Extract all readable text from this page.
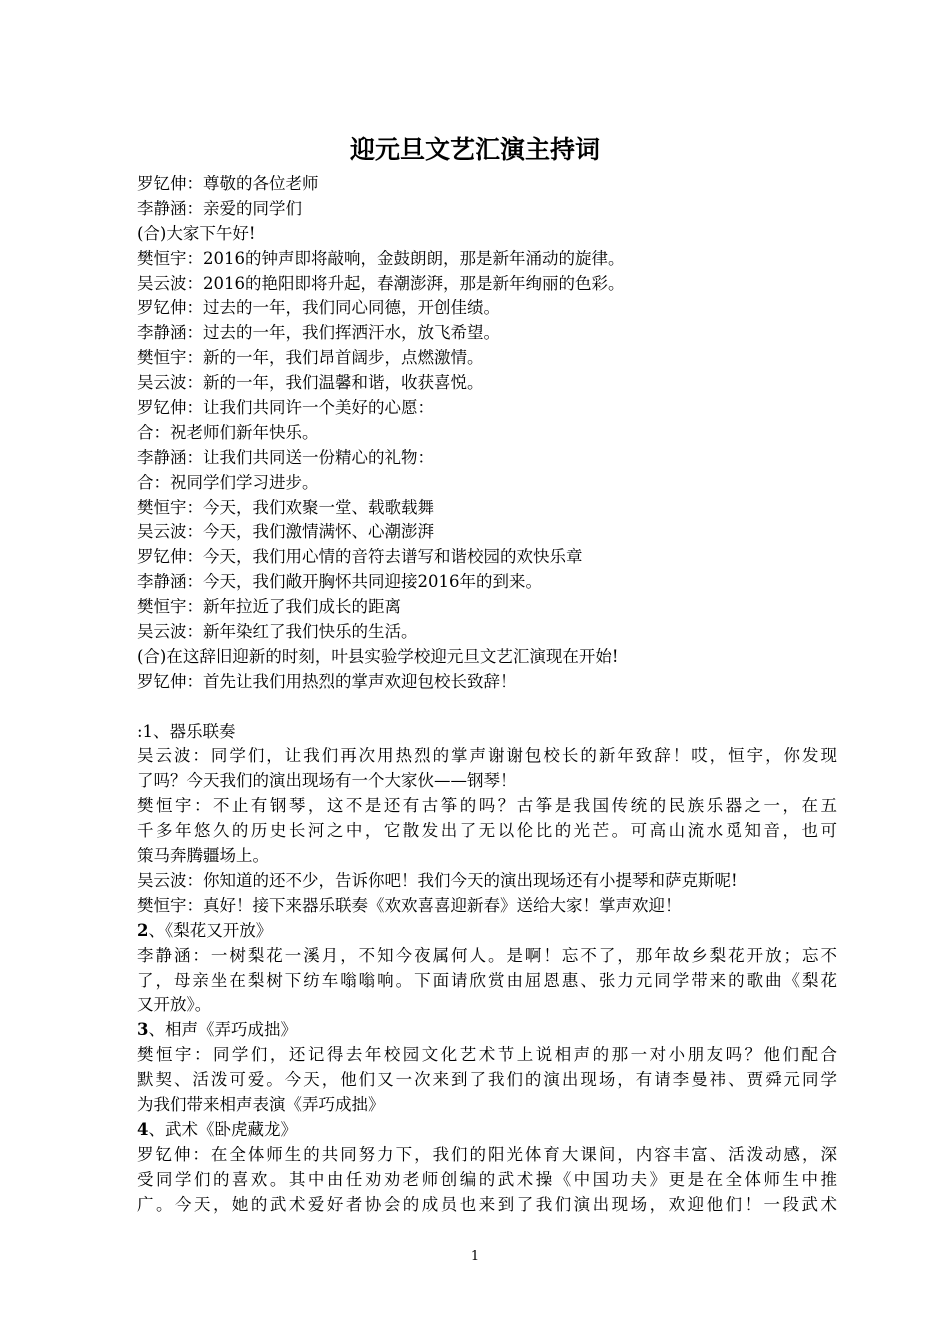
迎元旦文艺汇演主持词
罗钇伸：尊敬的各位老师
李静涵：亲爱的同学们
(合)大家下午好!
樊恒宇：2016的钟声即将敲响，金鼓朗朗，那是新年涌动的旋律。
吴云波：2016的艳阳即将升起，春潮澎湃，那是新年绚丽的色彩。
罗钇伸：过去的一年，我们同心同德，开创佳绩。
李静涵：过去的一年，我们挥洒汗水，放飞希望。
樊恒宇：新的一年，我们昂首阔步，点燃激情。
吴云波：新的一年，我们温馨和谐，收获喜悦。
罗钇伸：让我们共同许一个美好的心愿：
合：祝老师们新年快乐。
李静涵：让我们共同送一份精心的礼物：
合：祝同学们学习进步。
樊恒宇：今天，我们欢聚一堂、载歌载舞
吴云波：今天，我们激情满怀、心潮澎湃
罗钇伸：今天，我们用心情的音符去谱写和谐校园的欢快乐章
李静涵：今天，我们敞开胸怀共同迎接2016年的到来。
樊恒宇：新年拉近了我们成长的距离
吴云波：新年染红了我们快乐的生活。
(合)在这辞旧迎新的时刻，叶县实验学校迎元旦文艺汇演现在开始!
罗钇伸：首先让我们用热烈的掌声欢迎包校长致辞！
:1、器乐联奏
吴云波：同学们，让我们再次用热烈的掌声谢谢包校长的新年致辞！哎，恒宇，你发现
了吗？今天我们的演出现场有一个大家伙——钢琴！
樊恒宇：不止有钢琴，这不是还有古筝的吗？古筝是我国传统的民族乐器之一，在五
千多年悠久的历史长河之中，它散发出了无以伦比的光芒。可高山流水觅知音，也可
策马奔腾疆场上。
吴云波：你知道的还不少，告诉你吧！我们今天的演出现场还有小提琴和萨克斯呢!
樊恒宇：真好！接下来器乐联奏《欢欢喜喜迎新春》送给大家！掌声欢迎！
2、《梨花又开放》
李静涵：一树梨花一溪月，不知今夜属何人。是啊！忘不了，那年故乡梨花开放；忘不
了，母亲坐在梨树下纺车嗡嗡响。下面请欣赏由屈恩惠、张力元同学带来的歌曲《梨花
又开放》。
3、相声《弄巧成拙》
樊恒宇：同学们，还记得去年校园文化艺术节上说相声的那一对小朋友吗？他们配合
默契、活泼可爱。今天，他们又一次来到了我们的演出现场，有请李曼祎、贾舜元同学
为我们带来相声表演《弄巧成拙》
4、武术《卧虎藏龙》
罗钇伸：在全体师生的共同努力下，我们的阳光体育大课间，内容丰富、活泼动感，深
受同学们的喜欢。其中由任劝劝老师创编的武术操《中国功夫》更是在全体师生中推
广。今天，她的武术爱好者协会的成员也来到了我们演出现场，欢迎他们！一段武术
1
